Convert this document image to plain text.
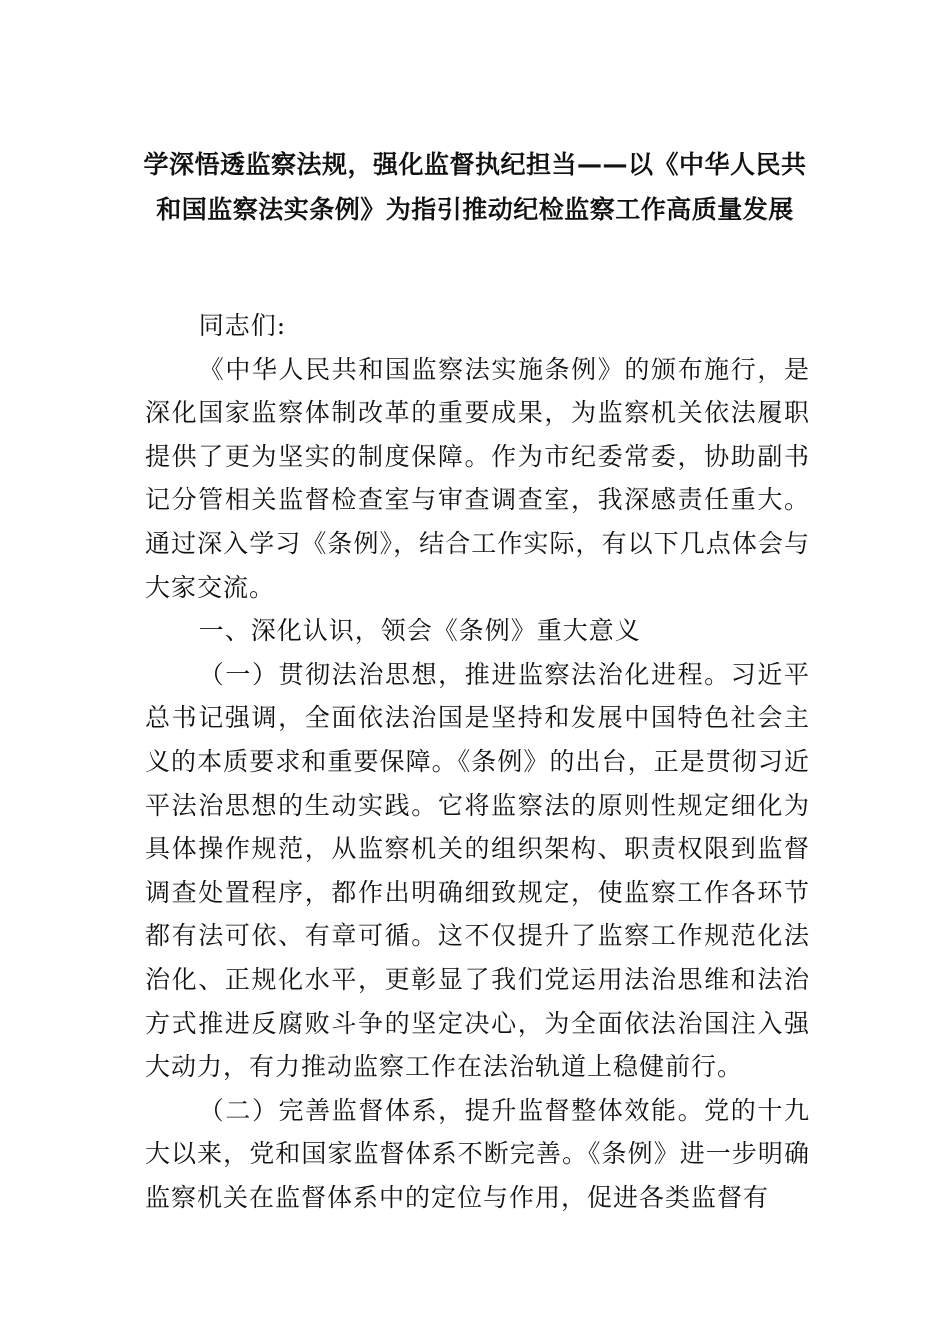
学深悟透监察法规，强化监督执纪担当——以《中华人民共和国监察法实条例》为指引推动纪检监察工作高质量发展

同志们:

《中华人民共和国监察法实施条例》的颁布施行，是深化国家监察体制改革的重要成果，为监察机关依法履职提供了更为坚实的制度保障。作为市纪委常委，协助副书记分管相关监督检查室与审查调查室，我深感责任重大。通过深入学习《条例》，结合工作实际，有以下几点体会与大家交流。

一、深化认识，领会《条例》重大意义

（一）贯彻法治思想，推进监察法治化进程。习近平总书记强调，全面依法治国是坚持和发展中国特色社会主义的本质要求和重要保障。《条例》的出台，正是贯彻习近平法治思想的生动实践。它将监察法的原则性规定细化为具体操作规范，从监察机关的组织架构、职责权限到监督调查处置程序，都作出明确细致规定，使监察工作各环节都有法可依、有章可循。这不仅提升了监察工作规范化法治化、正规化水平，更彰显了我们党运用法治思维和法治方式推进反腐败斗争的坚定决心，为全面依法治国注入强大动力，有力推动监察工作在法治轨道上稳健前行。

（二）完善监督体系，提升监督整体效能。党的十九大以来，党和国家监督体系不断完善。《条例》进一步明确监察机关在监督体系中的定位与作用，促进各类监督有
